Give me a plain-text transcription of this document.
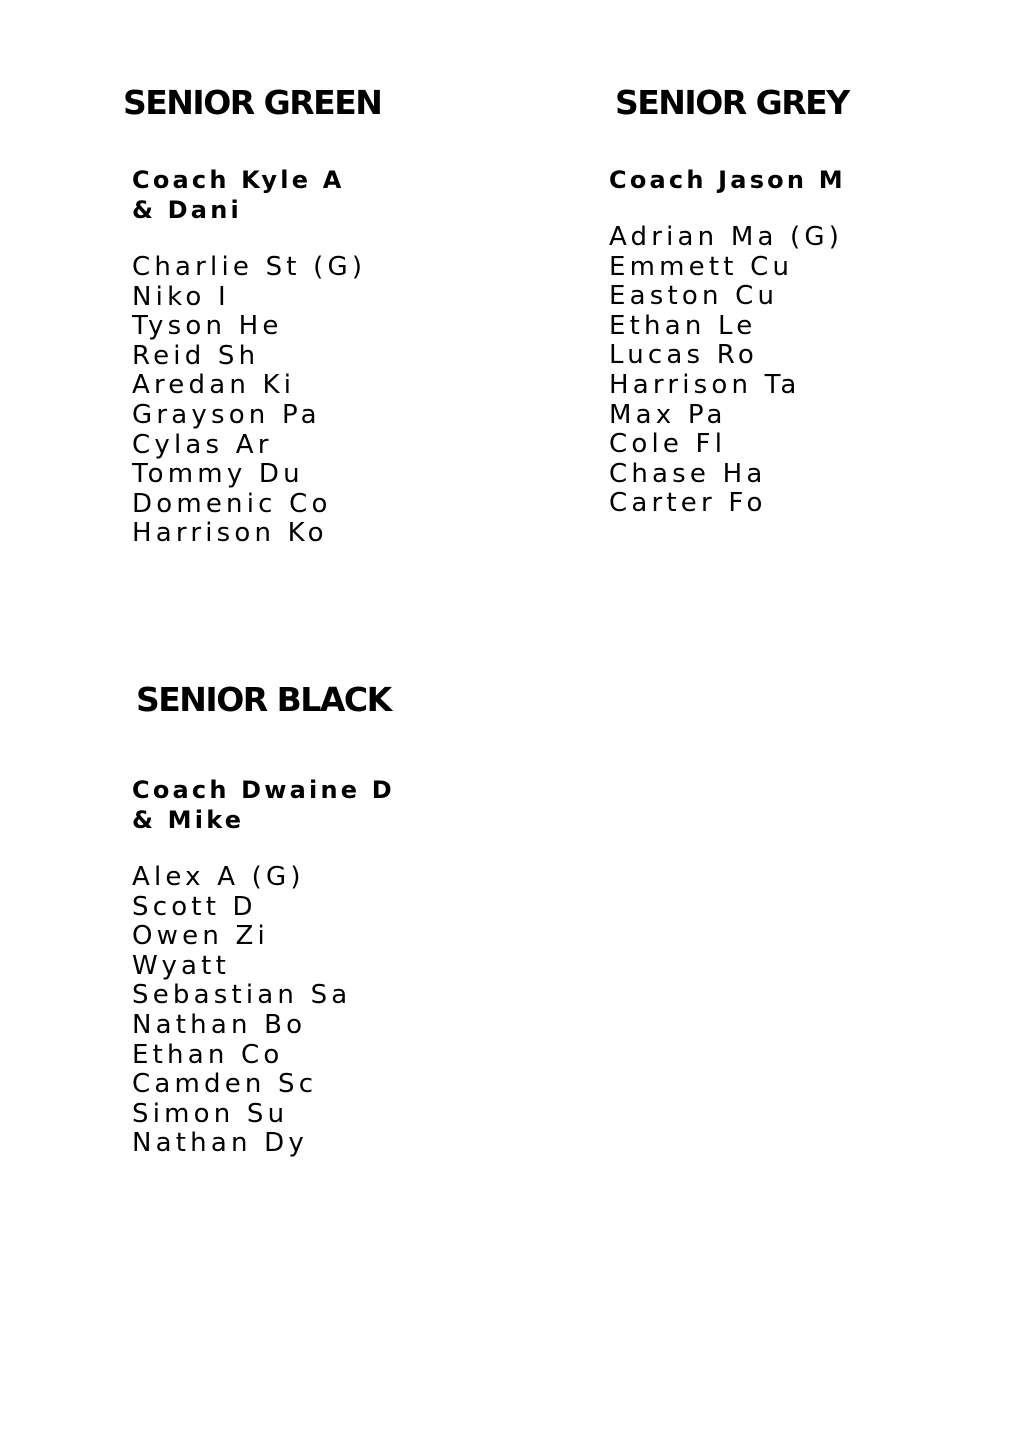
SENIOR GREEN
Coach Kyle A
& Dani
Charlie St (G)
Niko I
Tyson He
Reid Sh
Aredan Ki
Grayson Pa
Cylas Ar
Tommy Du
Domenic Co
Harrison Ko
SENIOR GREY
Coach Jason M
Adrian Ma (G)
Emmett Cu
Easton Cu
Ethan Le
Lucas Ro
Harrison Ta
Max Pa
Cole Fl
Chase Ha
Carter Fo
SENIOR BLACK
Coach Dwaine D
& Mike
Alex A (G)
Scott D
Owen Zi
Wyatt
Sebastian Sa
Nathan Bo
Ethan Co
Camden Sc
Simon Su
Nathan Dy
